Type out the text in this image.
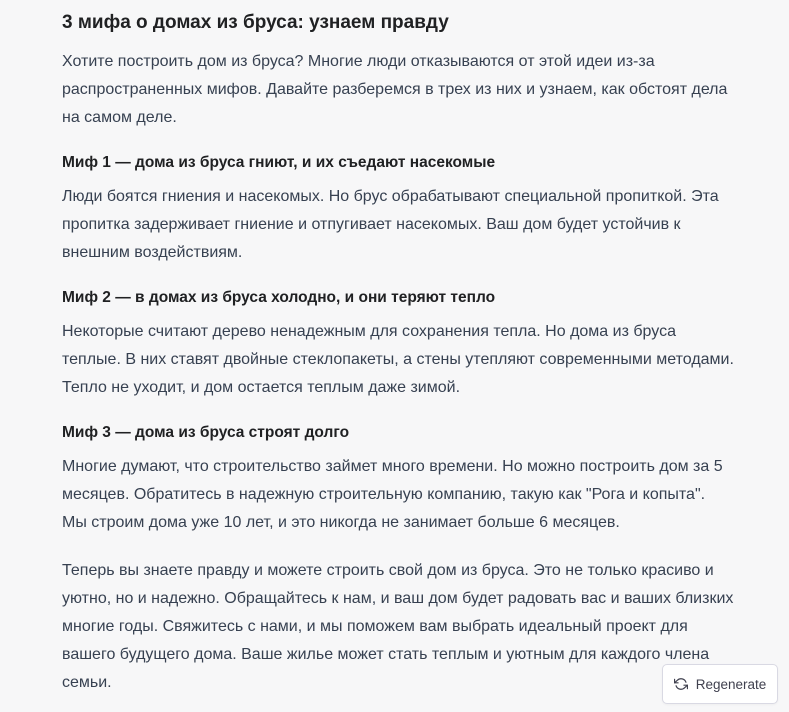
3 мифа о домах из бруса: узнаем правду

Хотите построить дом из бруса? Многие люди отказываются от этой идеи из-за
распространенных мифов. Давайте разберемся в трех из них и узнаем, как обстоят дела
на самом деле.

Миф 1 — дома из бруса гниют, и их съедают насекомые

Люди боятся гниения и насекомых. Но брус обрабатывают специальной пропиткой. Эта
пропитка задерживает гниение и отпугивает насекомых. Ваш дом будет устойчив к
внешним воздействиям.

Миф 2 — в домах из бруса холодно, и они теряют тепло

Некоторые считают дерево ненадежным для сохранения тепла. Но дома из бруса
теплые. В них ставят двойные стеклопакеты, а стены утепляют современными методами.
Тепло не уходит, и дом остается теплым даже зимой.

Миф 3 — дома из бруса строят долго

Многие думают, что строительство займет много времени. Но можно построить дом за 5
месяцев. Обратитесь в надежную строительную компанию, такую как "Рога и копыта".
Мы строим дома уже 10 лет, и это никогда не занимает больше 6 месяцев.

Теперь вы знаете правду и можете строить свой дом из бруса. Это не только красиво и
уютно, но и надежно. Обращайтесь к нам, и ваш дом будет радовать вас и ваших близких
многие годы. Свяжитесь с нами, и мы поможем вам выбрать идеальный проект для
вашего будущего дома. Ваше жилье может стать теплым и уютным для каждого члена
семьи.	Regenerate
